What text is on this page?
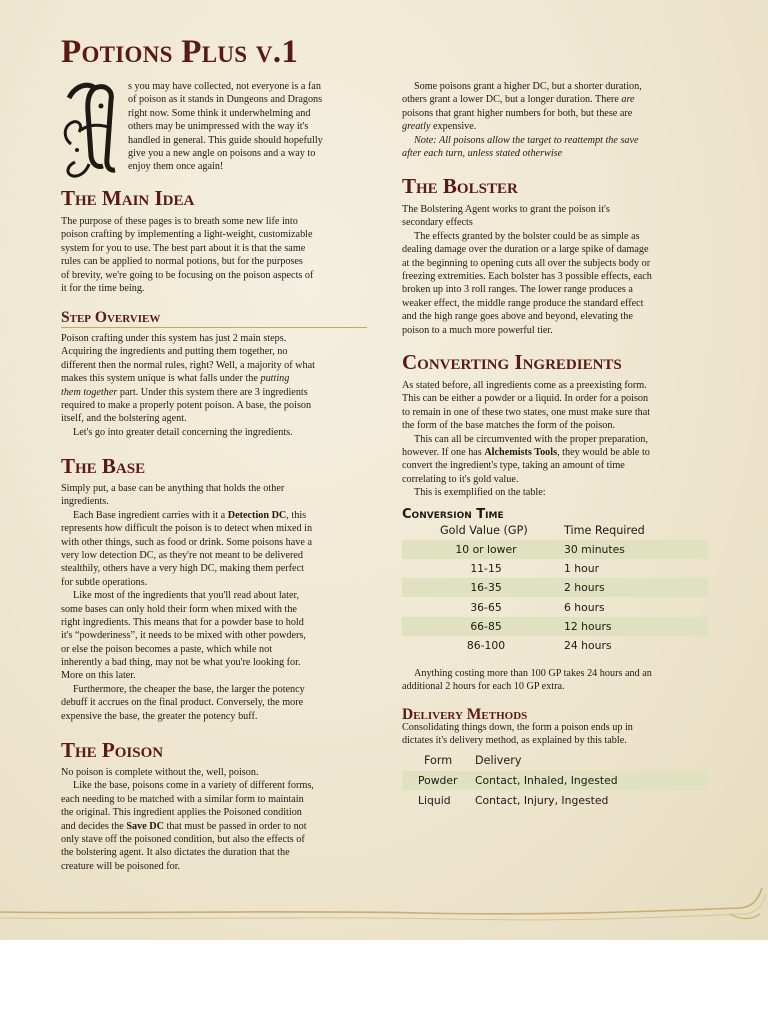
Potions Plus v.1
s you may have collected, not everyone is a fan
of poison as it stands in Dungeons and Dragons
right now. Some think it underwhelming and
others may be unimpressed with the way it's
handled in general. This guide should hopefully
give you a new angle on poisons and a way to
enjoy them once again!
The Main Idea
The purpose of these pages is to breath some new life into
poison crafting by implementing a light-weight, customizable
system for you to use. The best part about it is that the same
rules can be applied to normal potions, but for the purposes
of brevity, we're going to be focusing on the poison aspects of
it for the time being.
Step Overview
Poison crafting under this system has just 2 main steps.
Acquiring the ingredients and putting them together, no
different then the normal rules, right? Well, a majority of what
makes this system unique is what falls under the putting
them together part. Under this system there are 3 ingredients
required to make a properly potent poison. A base, the poison
itself, and the bolstering agent.
Let's go into greater detail concerning the ingredients.
The Base
Simply put, a base can be anything that holds the other
ingredients.
Each Base ingredient carries with it a Detection DC, this
represents how difficult the poison is to detect when mixed in
with other things, such as food or drink. Some poisons have a
very low detection DC, as they're not meant to be delivered
stealthily, others have a very high DC, making them perfect
for subtle operations.
Like most of the ingredients that you'll read about later,
some bases can only hold their form when mixed with the
right ingredients. This means that for a powder base to hold
it's “powderiness”, it needs to be mixed with other powders,
or else the poison becomes a paste, which while not
inherently a bad thing, may not be what you're looking for.
More on this later.
Furthermore, the cheaper the base, the larger the potency
debuff it accrues on the final product. Conversely, the more
expensive the base, the greater the potency buff.
The Poison
No poison is complete without the, well, poison.
Like the base, poisons come in a variety of different forms,
each needing to be matched with a similar form to maintain
the original. This ingredient applies the Poisoned condition
and decides the Save DC that must be passed in order to not
only stave off the poisoned condition, but also the effects of
the bolstering agent. It also dictates the duration that the
creature will be poisoned for.
Some poisons grant a higher DC, but a shorter duration,
others grant a lower DC, but a longer duration. There are
poisons that grant higher numbers for both, but these are
greatly expensive.
Note: All poisons allow the target to reattempt the save
after each turn, unless stated otherwise
The Bolster
The Bolstering Agent works to grant the poison it's
secondary effects
The effects granted by the bolster could be as simple as
dealing damage over the duration or a large spike of damage
at the beginning to opening cuts all over the subjects body or
freezing extremities. Each bolster has 3 possible effects, each
broken up into 3 roll ranges. The lower range produces a
weaker effect, the middle range produce the standard effect
and the high range goes above and beyond, elevating the
poison to a much more powerful tier.
Converting Ingredients
As stated before, all ingredients come as a preexisting form.
This can be either a powder or a liquid. In order for a poison
to remain in one of these two states, one must make sure that
the form of the base matches the form of the poison.
This can all be circumvented with the proper preparation,
however. If one has Alchemists Tools, they would be able to
convert the ingredient's type, taking an amount of time
correlating to it's gold value.
This is exemplified on the table:
Conversion Time
Gold Value (GP)	Time Required
10 or lower	30 minutes
11-15	1 hour
16-35	2 hours
36-65	6 hours
66-85	12 hours
86-100	24 hours
Anything costing more than 100 GP takes 24 hours and an
additional 2 hours for each 10 GP extra.
Delivery Methods
Consolidating things down, the form a poison ends up in
dictates it's delivery method, as explained by this table.
Form Delivery
Powder Contact, Inhaled, Ingested
Liquid Contact, Injury, Ingested
